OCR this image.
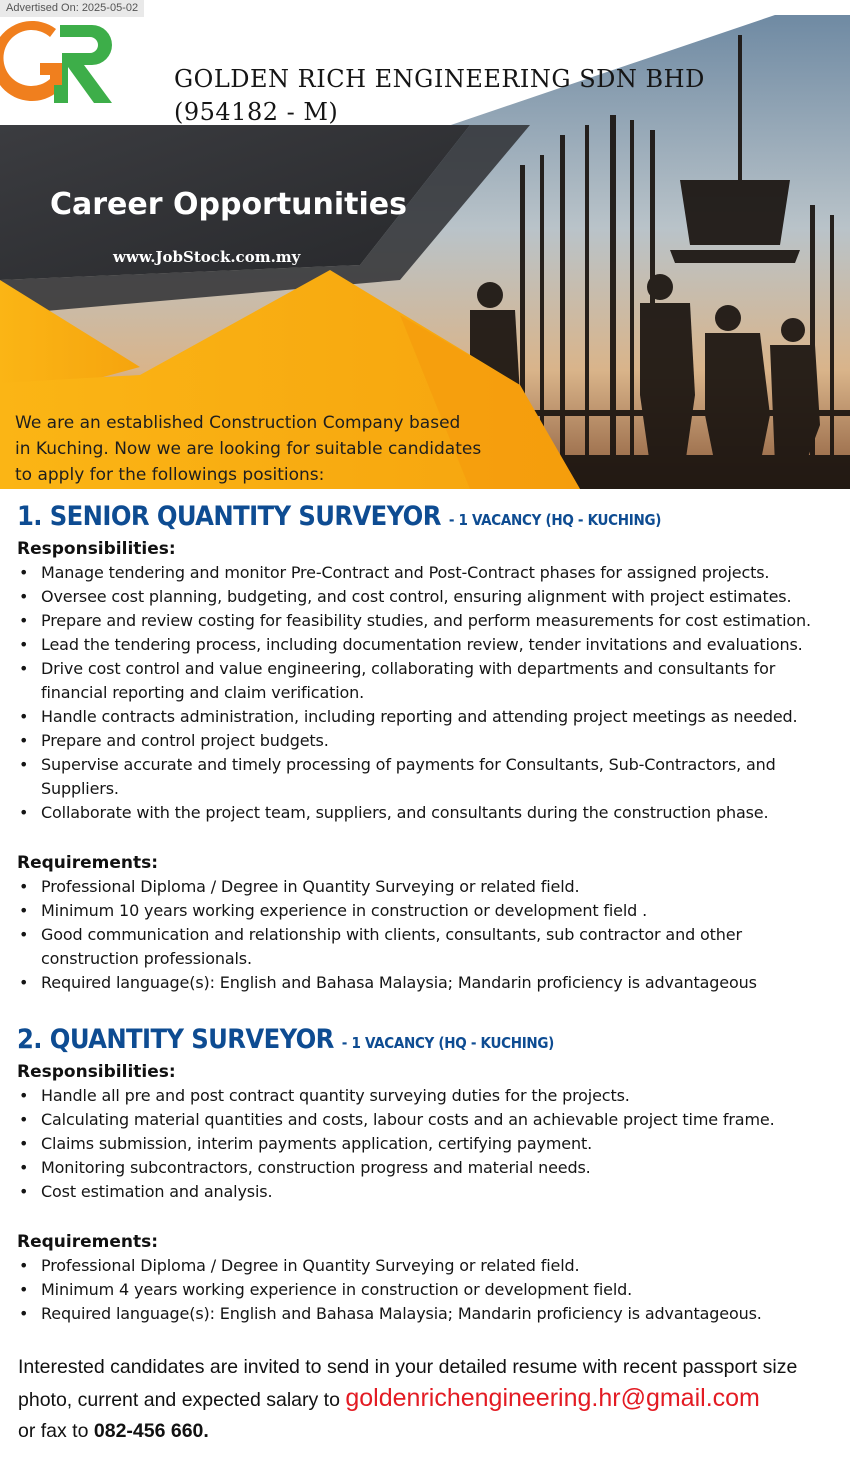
Advertised On: 2025-05-02
GOLDEN RICH ENGINEERING SDN BHD
(954182 - M)
Career Opportunities
www.JobStock.com.my
We are an established Construction Company based
in Kuching. Now we are looking for suitable candidates
to apply for the followings positions:
1. SENIOR QUANTITY SURVEYOR - 1 VACANCY (HQ - KUCHING)

Responsibilities:

• Manage tendering and monitor Pre-Contract and Post-Contract phases for assigned projects.
• Oversee cost planning, budgeting, and cost control, ensuring alignment with project estimates.
• Prepare and review costing for feasibility studies, and perform measurements for cost estimation.
• Lead the tendering process, including documentation review, tender invitations and evaluations.
• Drive cost control and value engineering, collaborating with departments and consultants for financial reporting and claim verification.
• Handle contracts administration, including reporting and attending project meetings as needed.
• Prepare and control project budgets.
• Supervise accurate and timely processing of payments for Consultants, Sub-Contractors, and Suppliers.
• Collaborate with the project team, suppliers, and consultants during the construction phase.

Requirements:

• Professional Diploma / Degree in Quantity Surveying or related field.
• Minimum 10 years working experience in construction or development field .
• Good communication and relationship with clients, consultants, sub contractor and other construction professionals.
• Required language(s): English and Bahasa Malaysia; Mandarin proficiency is advantageous
2. QUANTITY SURVEYOR - 1 VACANCY (HQ - KUCHING)

Responsibilities:

• Handle all pre and post contract quantity surveying duties for the projects.
• Calculating material quantities and costs, labour costs and an achievable project time frame.
• Claims submission, interim payments application, certifying payment.
• Monitoring subcontractors, construction progress and material needs.
• Cost estimation and analysis.

Requirements:

• Professional Diploma / Degree in Quantity Surveying or related field.
• Minimum 4 years working experience in construction or development field.
• Required language(s): English and Bahasa Malaysia; Mandarin proficiency is advantageous.
Interested candidates are invited to send in your detailed resume with recent passport size photo, current and expected salary to goldenrichengineering.hr@gmail.com
or fax to 082-456 660.
